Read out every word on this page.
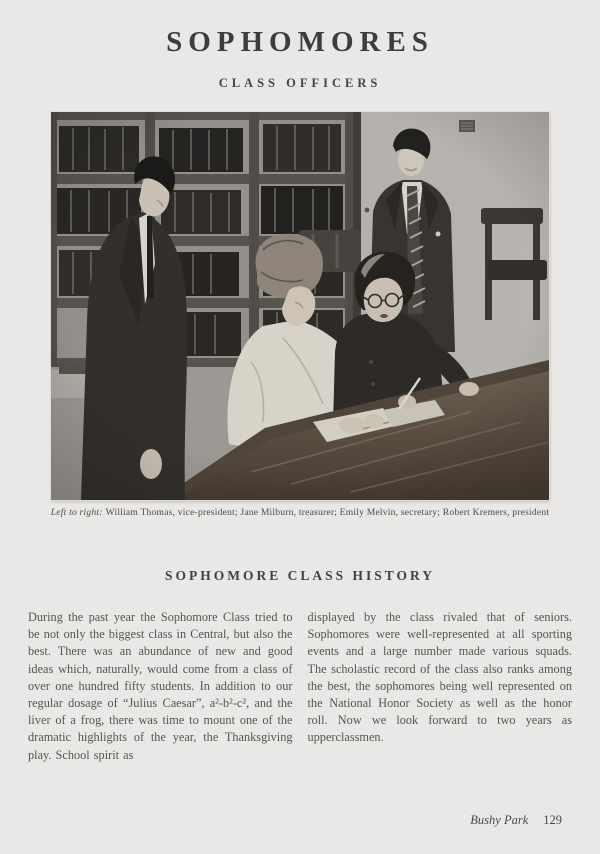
SOPHOMORES
CLASS OFFICERS
Left to right: William Thomas, vice-president; Jane Milburn, treasurer; Emily Melvin, secretary; Robert Kremers, president
SOPHOMORE CLASS HISTORY

During the past year the Sophomore Class tried to be not only the biggest class in Central, but also the best. There was an abundance of new and good ideas which, naturally, would come from a class of over one hundred fifty students. In addition to our regular dosage of “Julius Caesar”, a²-b²-c², and the liver of a frog, there was time to mount one of the dramatic highlights of the year, the Thanksgiving play. School spirit as

displayed by the class rivaled that of seniors. Sophomores were well-represented at all sporting events and a large number made various squads. The scholastic record of the class also ranks among the best, the sophomores being well represented on the National Honor Society as well as the honor roll. Now we look forward to two years as upperclassmen.

Bushy Park 129
